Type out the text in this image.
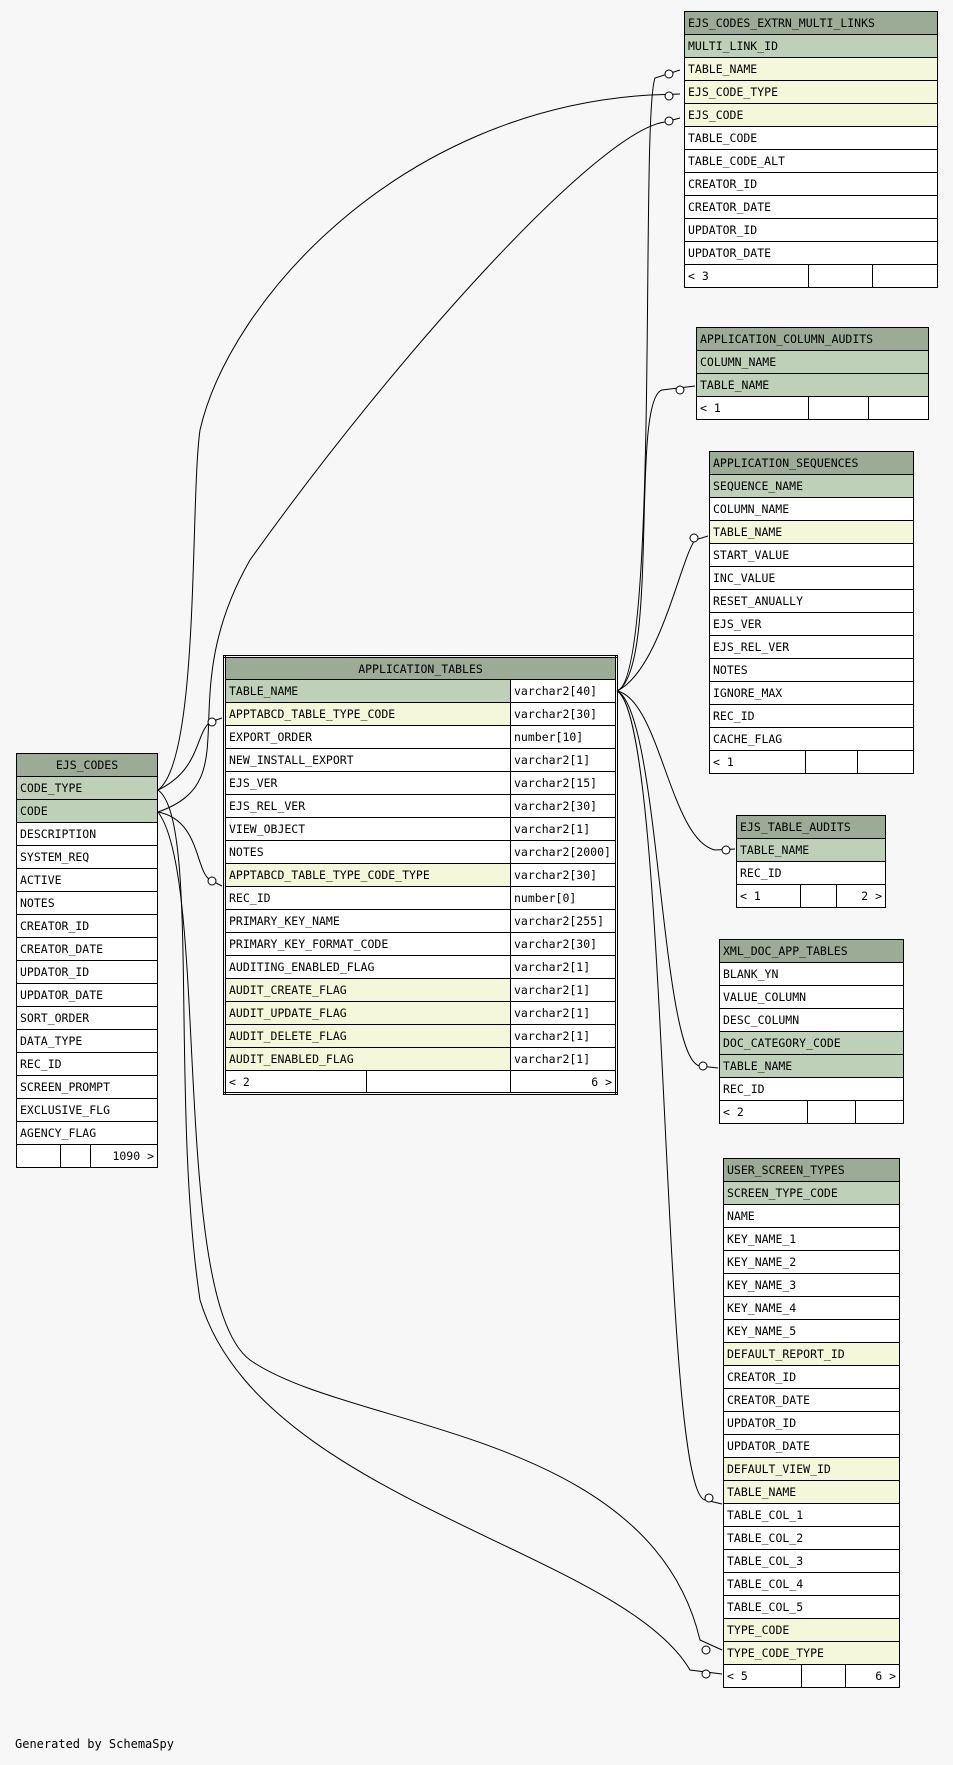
EJS_CODES_EXTRN_MULTI_LINKS
MULTI_LINK_ID
TABLE_NAME
EJS_CODE_TYPE
EJS_CODE
TABLE_CODE
TABLE_CODE_ALT
CREATOR_ID
CREATOR_DATE
UPDATOR_ID
UPDATOR_DATE
< 3		
APPLICATION_COLUMN_AUDITS
COLUMN_NAME
TABLE_NAME
< 1		
APPLICATION_SEQUENCES
SEQUENCE_NAME
COLUMN_NAME
TABLE_NAME
START_VALUE
INC_VALUE
RESET_ANUALLY
EJS_VER
EJS_REL_VER
NOTES
IGNORE_MAX
REC_ID
CACHE_FLAG
< 1		
EJS_TABLE_AUDITS
TABLE_NAME
REC_ID
< 1		2 >
XML_DOC_APP_TABLES
BLANK_YN
VALUE_COLUMN
DESC_COLUMN
DOC_CATEGORY_CODE
TABLE_NAME
REC_ID
< 2		
USER_SCREEN_TYPES
SCREEN_TYPE_CODE
NAME
KEY_NAME_1
KEY_NAME_2
KEY_NAME_3
KEY_NAME_4
KEY_NAME_5
DEFAULT_REPORT_ID
CREATOR_ID
CREATOR_DATE
UPDATOR_ID
UPDATOR_DATE
DEFAULT_VIEW_ID
TABLE_NAME
TABLE_COL_1
TABLE_COL_2
TABLE_COL_3
TABLE_COL_4
TABLE_COL_5
TYPE_CODE
TYPE_CODE_TYPE
< 5		6 >
EJS_CODES
CODE_TYPE
CODE
DESCRIPTION
SYSTEM_REQ
ACTIVE
NOTES
CREATOR_ID
CREATOR_DATE
UPDATOR_ID
UPDATOR_DATE
SORT_ORDER
DATA_TYPE
REC_ID
SCREEN_PROMPT
EXCLUSIVE_FLG
AGENCY_FLAG
		1090 >
APPLICATION_TABLES		
TABLE_NAME		varchar2[40]
APPTABCD_TABLE_TYPE_CODE		varchar2[30]
EXPORT_ORDER		number[10]
NEW_INSTALL_EXPORT		varchar2[1]
EJS_VER		varchar2[15]
EJS_REL_VER		varchar2[30]
VIEW_OBJECT		varchar2[1]
NOTES		varchar2[2000]
APPTABCD_TABLE_TYPE_CODE_TYPE		varchar2[30]
REC_ID		number[0]
PRIMARY_KEY_NAME		varchar2[255]
PRIMARY_KEY_FORMAT_CODE		varchar2[30]
AUDITING_ENABLED_FLAG		varchar2[1]
AUDIT_CREATE_FLAG		varchar2[1]
AUDIT_UPDATE_FLAG		varchar2[1]
AUDIT_DELETE_FLAG		varchar2[1]
AUDIT_ENABLED_FLAG		varchar2[1]
< 2		6 >
Generated by SchemaSpy
